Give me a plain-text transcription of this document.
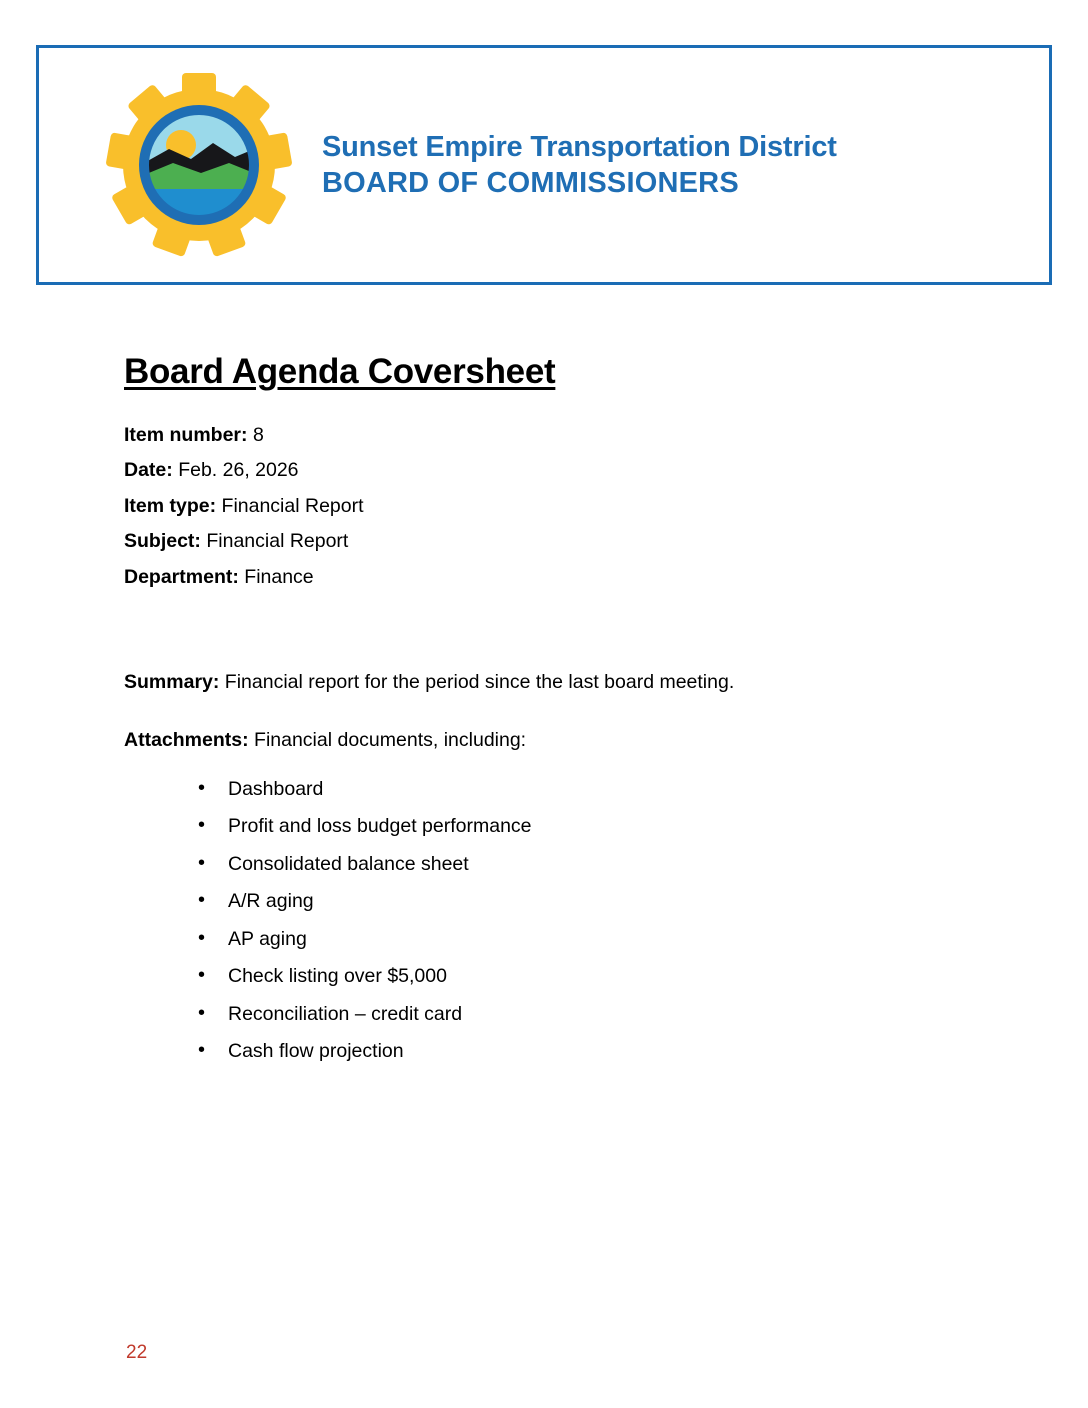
Sunset Empire Transportation District
BOARD OF COMMISSIONERS
Board Agenda Coversheet
Item number: 8
Date: Feb. 26, 2026
Item type: Financial Report
Subject: Financial Report
Department: Finance

Summary: Financial report for the period since the last board meeting.

Attachments: Financial documents, including:

• Dashboard
• Profit and loss budget performance
• Consolidated balance sheet
• A/R aging
• AP aging
• Check listing over $5,000
• Reconciliation – credit card
• Cash flow projection
22
